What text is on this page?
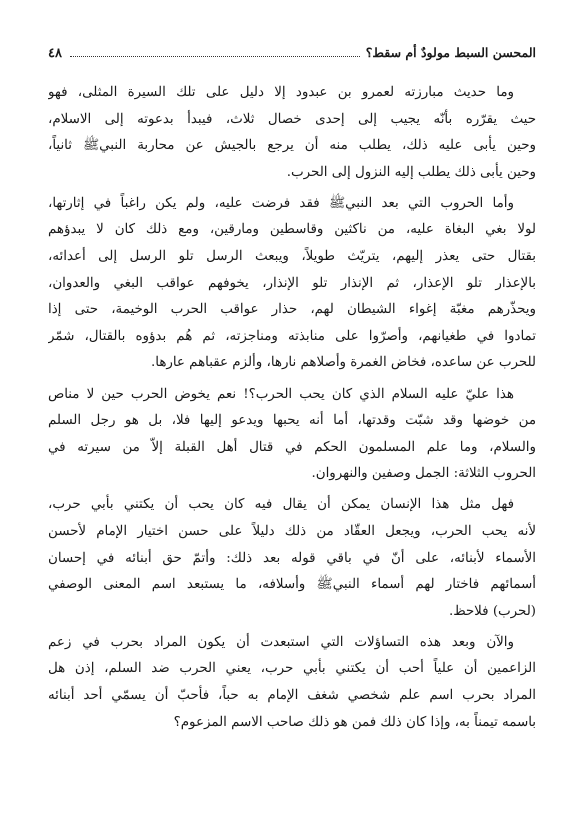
٤٨	المحسن السبط مولودٌ أم سقط؟

وما حديث مبارزته لعمرو بن عبدود إلا دليل على تلك السيرة المثلى، فهو
حيث يقرّره بأنّه يجيب إلى إحدى خصال ثلاث، فيبدأ بدعوته إلى الاسلام،
وحين يأبى عليه ذلك، يطلب منه أن يرجع بالجيش عن محاربة النبيﷺ ثانياً،
وحين يأبى ذلك يطلب إليه النزول إلى الحرب.

وأما الحروب التي بعد النبيﷺ فقد فرضت عليه، ولم يكن راغباً في إثارتها،
لولا بغي البغاة عليه، من ناكثين وقاسطين ومارقين، ومع ذلك كان لا يبدؤهم
بقتال حتى يعذر إليهم، يتريّث طويلاً، ويبعث الرسل تلو الرسل إلى أعدائه،
بالإعذار تلو الإعذار، ثم الإنذار تلو الإنذار، يخوفهم عواقب البغي والعدوان،
ويحذّرهم مغبّة إغواء الشيطان لهم، حذار عواقب الحرب الوخيمة، حتى إذا
تمادوا في طغيانهم، وأصرّوا على منابذته ومناجزته، ثم هُم بدؤوه بالقتال، شمّر
للحرب عن ساعده، فخاض الغمرة وأصلاهم نارها، وألزم عقباهم عارها.

هذا عليّ عليه السلام الذي كان يحب الحرب؟! نعم يخوض الحرب حين لا مناص
من خوضها وقد شبّت وقدتها، أما أنه يحبها ويدعو إليها فلا، بل هو رجل السلم
والسلام، وما علم المسلمون الحكم في قتال أهل القبلة إلاّ من سيرته في
الحروب الثلاثة: الجمل وصفين والنهروان.

فهل مثل هذا الإنسان يمكن أن يقال فيه كان يحب أن يكتني بأبي حرب،
لأنه يحب الحرب، ويجعل العقّاد من ذلك دليلاً على حسن اختيار الإمام لأحسن
الأسماء لأبنائه، على أنّ في باقي قوله بعد ذلك: وأتمّ حق أبنائه في إحسان
أسمائهم فاختار لهم أسماء النبيﷺ وأسلافه، ما يستبعد اسم المعنى الوصفي
(لحرب) فلاحظ.

والآن وبعد هذه التساؤلات التي استبعدت أن يكون المراد بحرب في زعم
الزاعمين أن علياً أحب أن يكتني بأبي حرب، يعني الحرب ضد السلم، إذن هل
المراد بحرب اسم علم شخصي شغف الإمام به حباً، فأحبّ أن يسمّي أحد أبنائه
باسمه تيمناً به، وإذا كان ذلك فمن هو ذلك صاحب الاسم المزعوم؟
